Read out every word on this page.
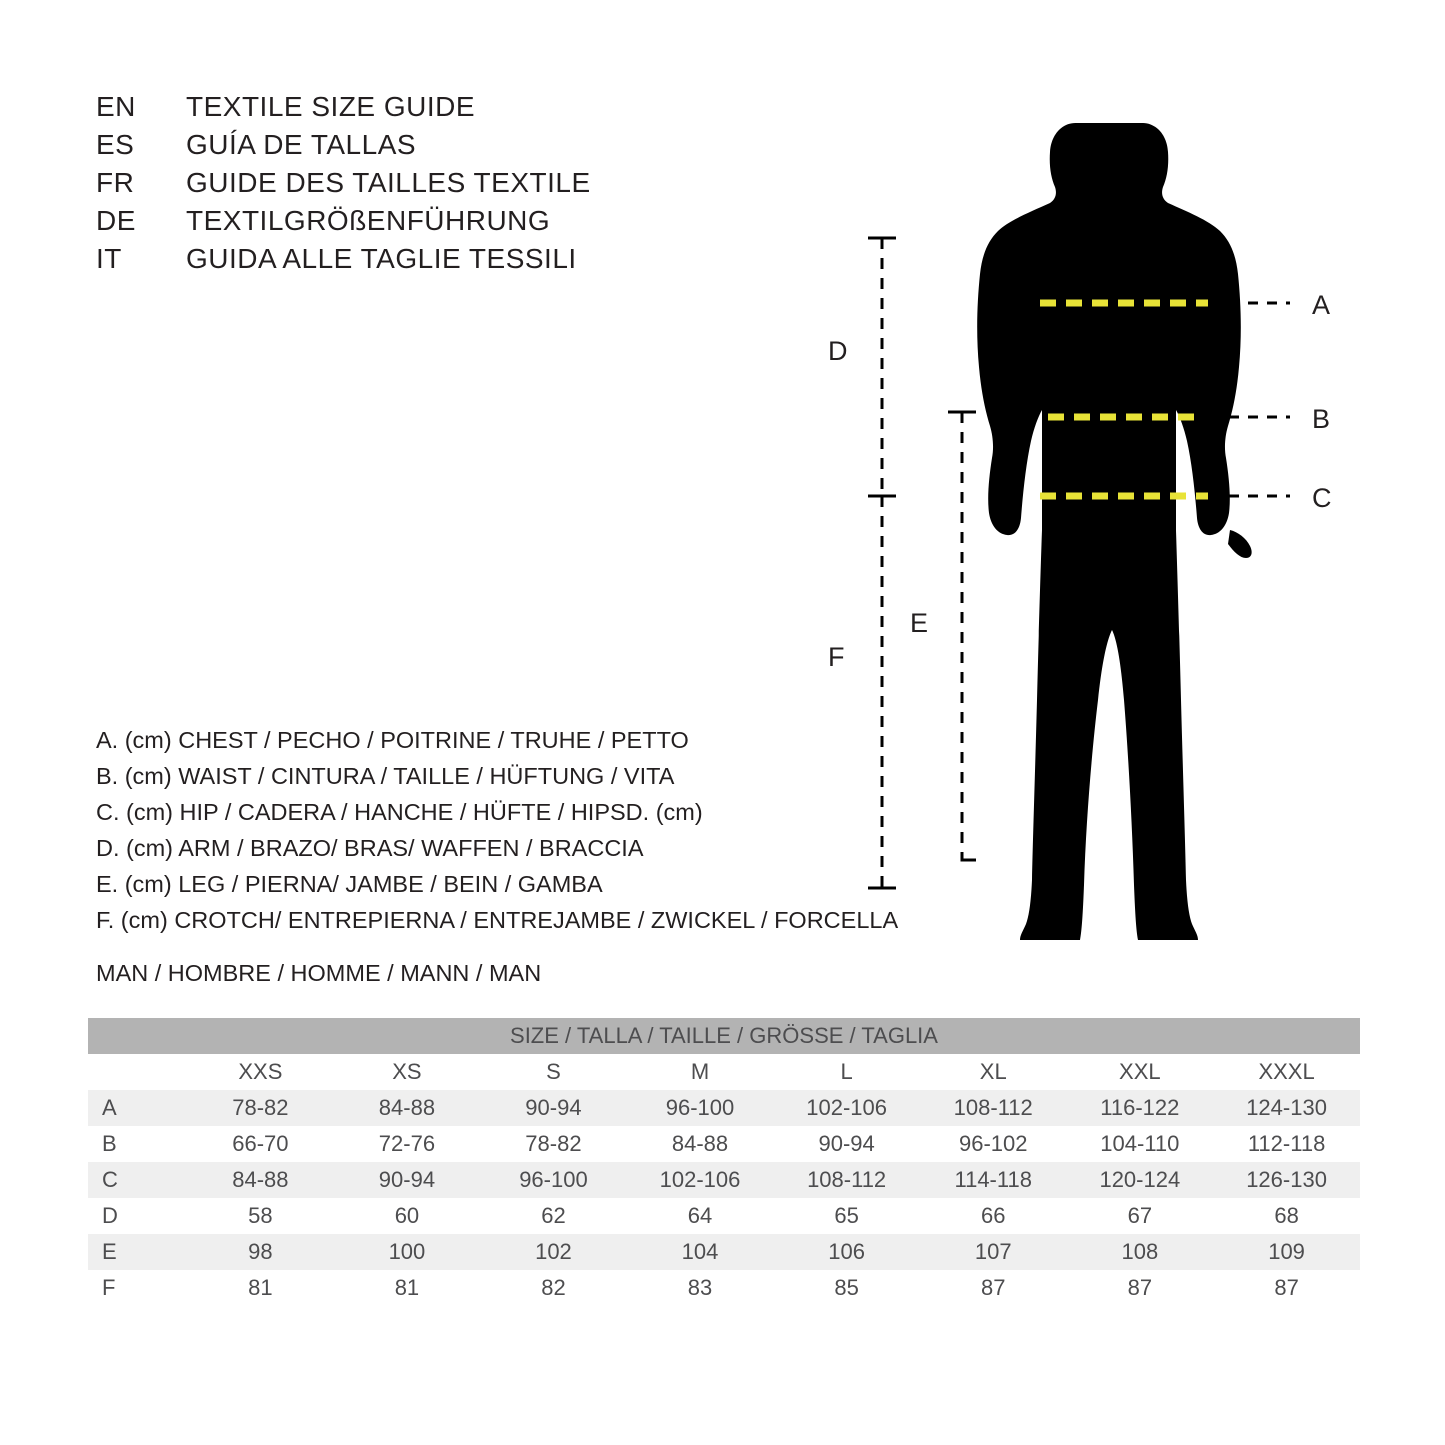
EN	TEXTILE SIZE GUIDE
ES	GUÍA DE TALLAS
FR	GUIDE DES TAILLES TEXTILE
DE	TEXTILGRÖßENFÜHRUNG
IT	GUIDA ALLE TAGLIE TESSILI
A. (cm) CHEST / PECHO / POITRINE / TRUHE / PETTO
B. (cm) WAIST / CINTURA / TAILLE / HÜFTUNG / VITA
C. (cm) HIP / CADERA / HANCHE / HÜFTE / HIPSD. (cm)
D. (cm) ARM / BRAZO/ BRAS/ WAFFEN / BRACCIA
E. (cm) LEG / PIERNA/ JAMBE / BEIN / GAMBA
F. (cm) CROTCH/ ENTREPIERNA / ENTREJAMBE / ZWICKEL / FORCELLA
MAN / HOMBRE / HOMME / MANN / MAN
A
B
C
D
F
E
SIZE / TALLA / TAILLE / GRÖSSE / TAGLIA								
	XXS	XS	S	M	L	XL	XXL	XXXL
A	78-82	84-88	90-94	96-100	102-106	108-112	116-122	124-130
B	66-70	72-76	78-82	84-88	90-94	96-102	104-110	112-118
C	84-88	90-94	96-100	102-106	108-112	114-118	120-124	126-130
D	58	60	62	64	65	66	67	68
E	98	100	102	104	106	107	108	109
F	81	81	82	83	85	87	87	87
